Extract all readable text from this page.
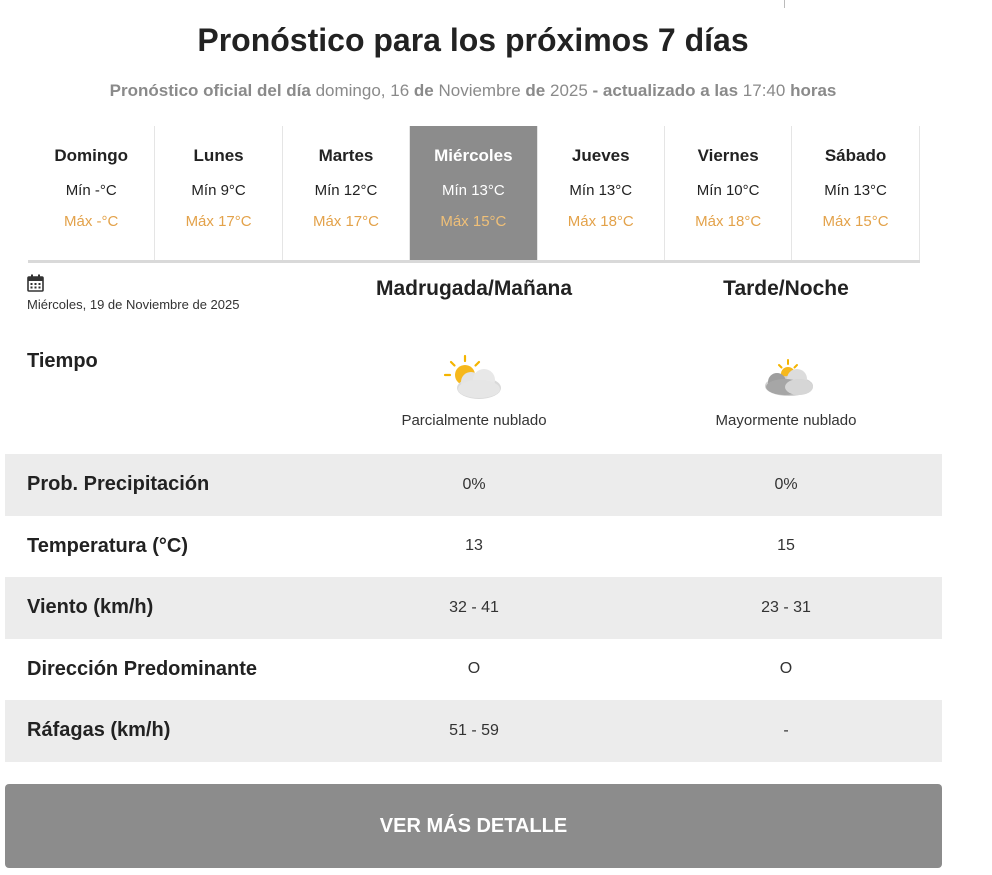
Pronóstico para los próximos 7 días
Pronóstico oficial del día domingo, 16 de Noviembre de 2025 - actualizado a las 17:40 horas
Domingo
Mín -°C
Máx -°C
Lunes
Mín 9°C
Máx 17°C
Martes
Mín 12°C
Máx 17°C
Miércoles
Mín 13°C
Máx 15°C
Jueves
Mín 13°C
Máx 18°C
Viernes
Mín 10°C
Máx 18°C
Sábado
Mín 13°C
Máx 15°C
Miércoles, 19 de Noviembre de 2025
Madrugada/Mañana	Tarde/Noche
Tiempo
Parcialmente nublado	Mayormente nublado
Prob. Precipitación	0%	0%
Temperatura (°C)	13	15
Viento (km/h)	32 - 41	23 - 31
Dirección Predominante	O	O
Ráfagas (km/h)	51 - 59	-
VER MÁS DETALLE
